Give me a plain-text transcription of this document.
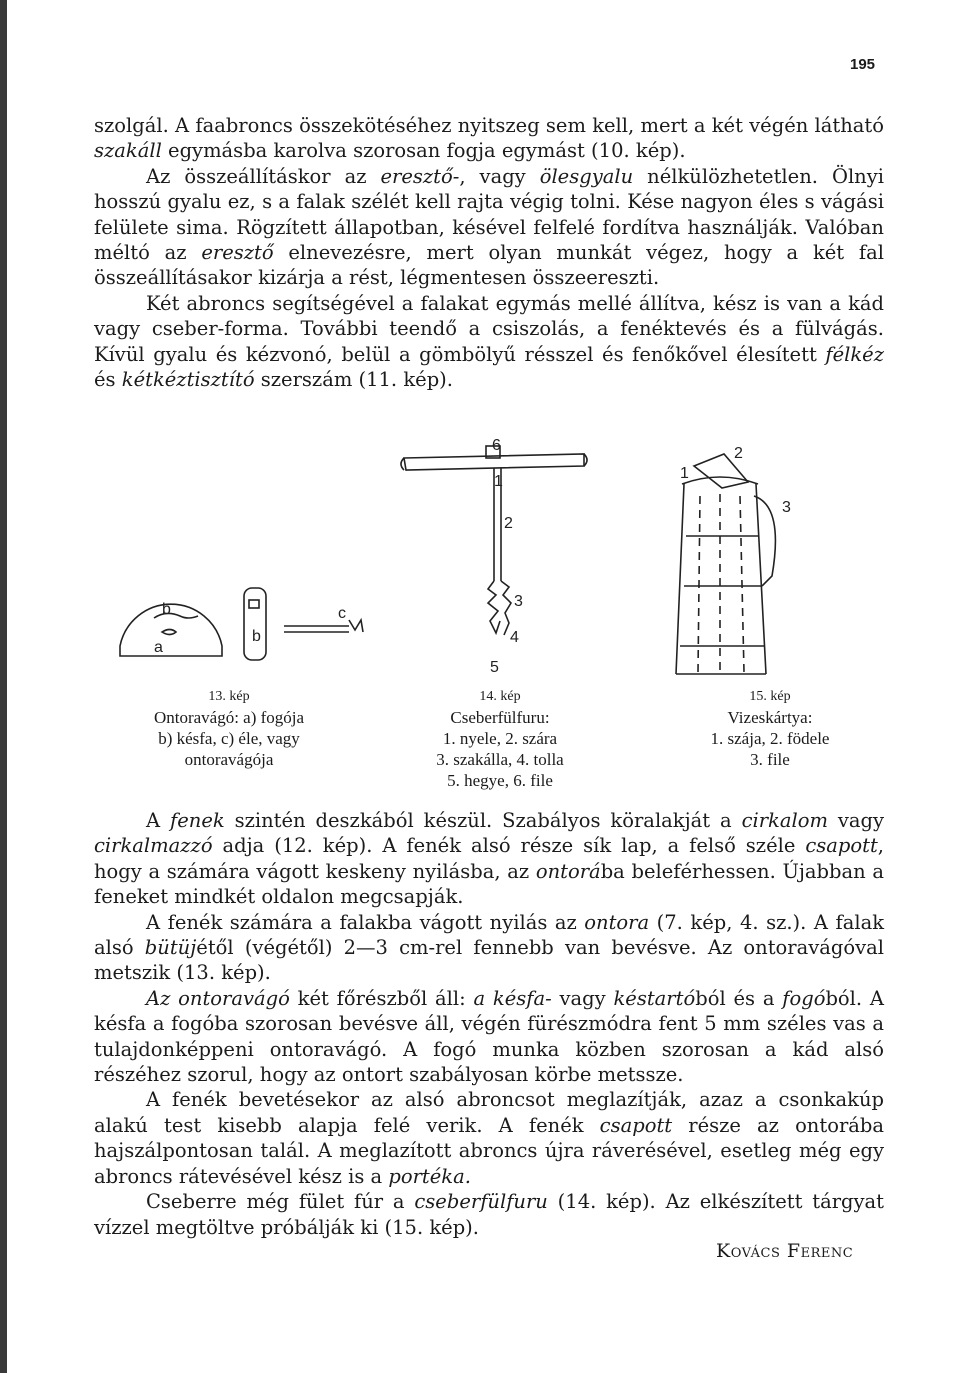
195

szolgál. A faabroncs összekötéséhez nyitszeg sem kell, mert a két végén látható szakáll egymásba karolva szorosan fogja egymást (10. kép).

Az összeállításkor az eresztő-, vagy ölesgyalu nélkülözhetetlen. Ölnyi hosszú gyalu ez, s a falak szélét kell rajta végig tolni. Kése nagyon éles s vágási felülete sima. Rögzített állapotban, késével felfelé fordítva használják. Valóban méltó az eresztő elnevezésre, mert olyan munkát végez, hogy a két fal összeállításakor kizárja a rést, légmentesen összeereszti.

Két abroncs segítségével a falakat egymás mellé állítva, kész is van a kád vagy cseber-forma. További teendő a csiszolás, a fenéktevés és a fülvágás. Kívül gyalu és kézvonó, belül a gömbölyű résszel és fenőkővel élesített félkéz és kétkéztisztító szerszám (11. kép).

b
a
b
c
6
1
2
3
4
5
2
1
3
13. kép
Ontoravágó: a) fogója
b) késfa, c) éle, vagy
ontoravágója
14. kép
Cseberfülfuru:
1. nyele, 2. szára
3. szakálla, 4. tolla
5. hegye, 6. file
15. kép
Vizeskártya:
1. szája, 2. födele
3. file

A fenek szintén deszkából készül. Szabályos köralakját a cirkalom vagy cirkalmazzó adja (12. kép). A fenék alsó része sík lap, a felső széle csapott, hogy a számára vágott keskeny nyilásba, az ontorába beleférhessen. Újabban a feneket mindkét oldalon megcsapják.

A fenék számára a falakba vágott nyilás az ontora (7. kép, 4. sz.). A falak alsó bütüjétől (végétől) 2—3 cm-rel fennebb van bevésve. Az ontoravágóval metszik (13. kép).

Az ontoravágó két főrészből áll: a késfa- vagy késtartóból és a fogóból. A késfa a fogóba szorosan bevésve áll, végén fürészmódra fent 5 mm széles vas a tulajdonképpeni ontoravágó. A fogó munka közben szorosan a kád alsó részéhez szorul, hogy az ontort szabályosan körbe metssze.

A fenék bevetésekor az alsó abroncsot meglazítják, azaz a csonkakúp alakú test kisebb alapja felé verik. A fenék csapott része az ontorába hajszálpontosan talál. A meglazított abroncs újra ráverésével, esetleg még egy abroncs rátevésével kész is a portéka.

Cseberre még fület fúr a cseberfülfuru (14. kép). Az elkészített tárgyat vízzel megtöltve próbálják ki (15. kép).

Kovács Ferenc
